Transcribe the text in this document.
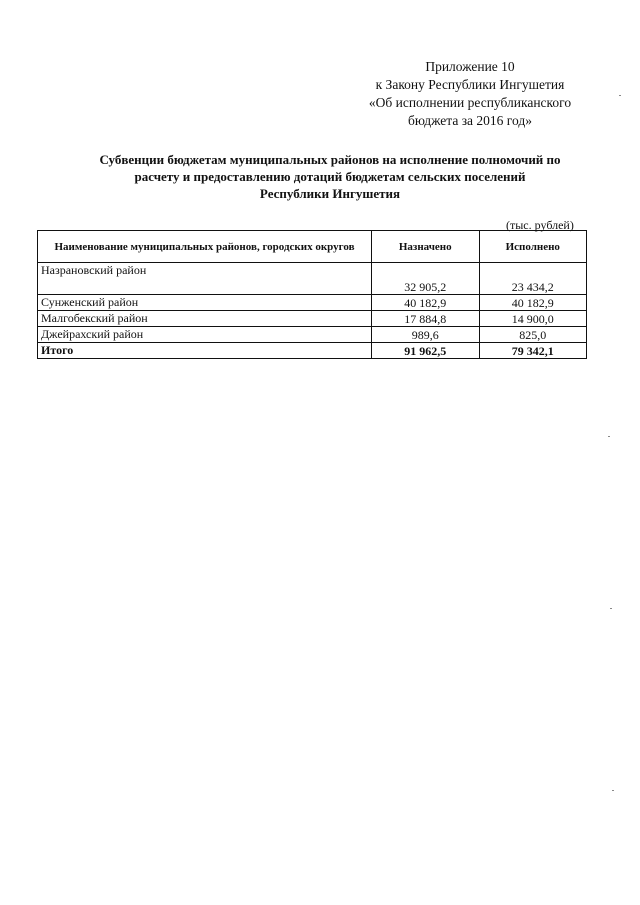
Приложение 10
к Закону Республики Ингушетия
«Об исполнении республиканского
бюджета за 2016 год»
Субвенции бюджетам муниципальных районов на исполнение полномочий по
расчету и предоставлению дотаций бюджетам сельских поселений
Республики Ингушетия
(тыс. рублей)
Наименование муниципальных районов, городских округов	Назначено	Исполнено
Назрановский район	32 905,2	23 434,2
Сунженский район	40 182,9	40 182,9
Малгобекский район	17 884,8	14 900,0
Джейрахский район	989,6	825,0
Итого	91 962,5	79 342,1
